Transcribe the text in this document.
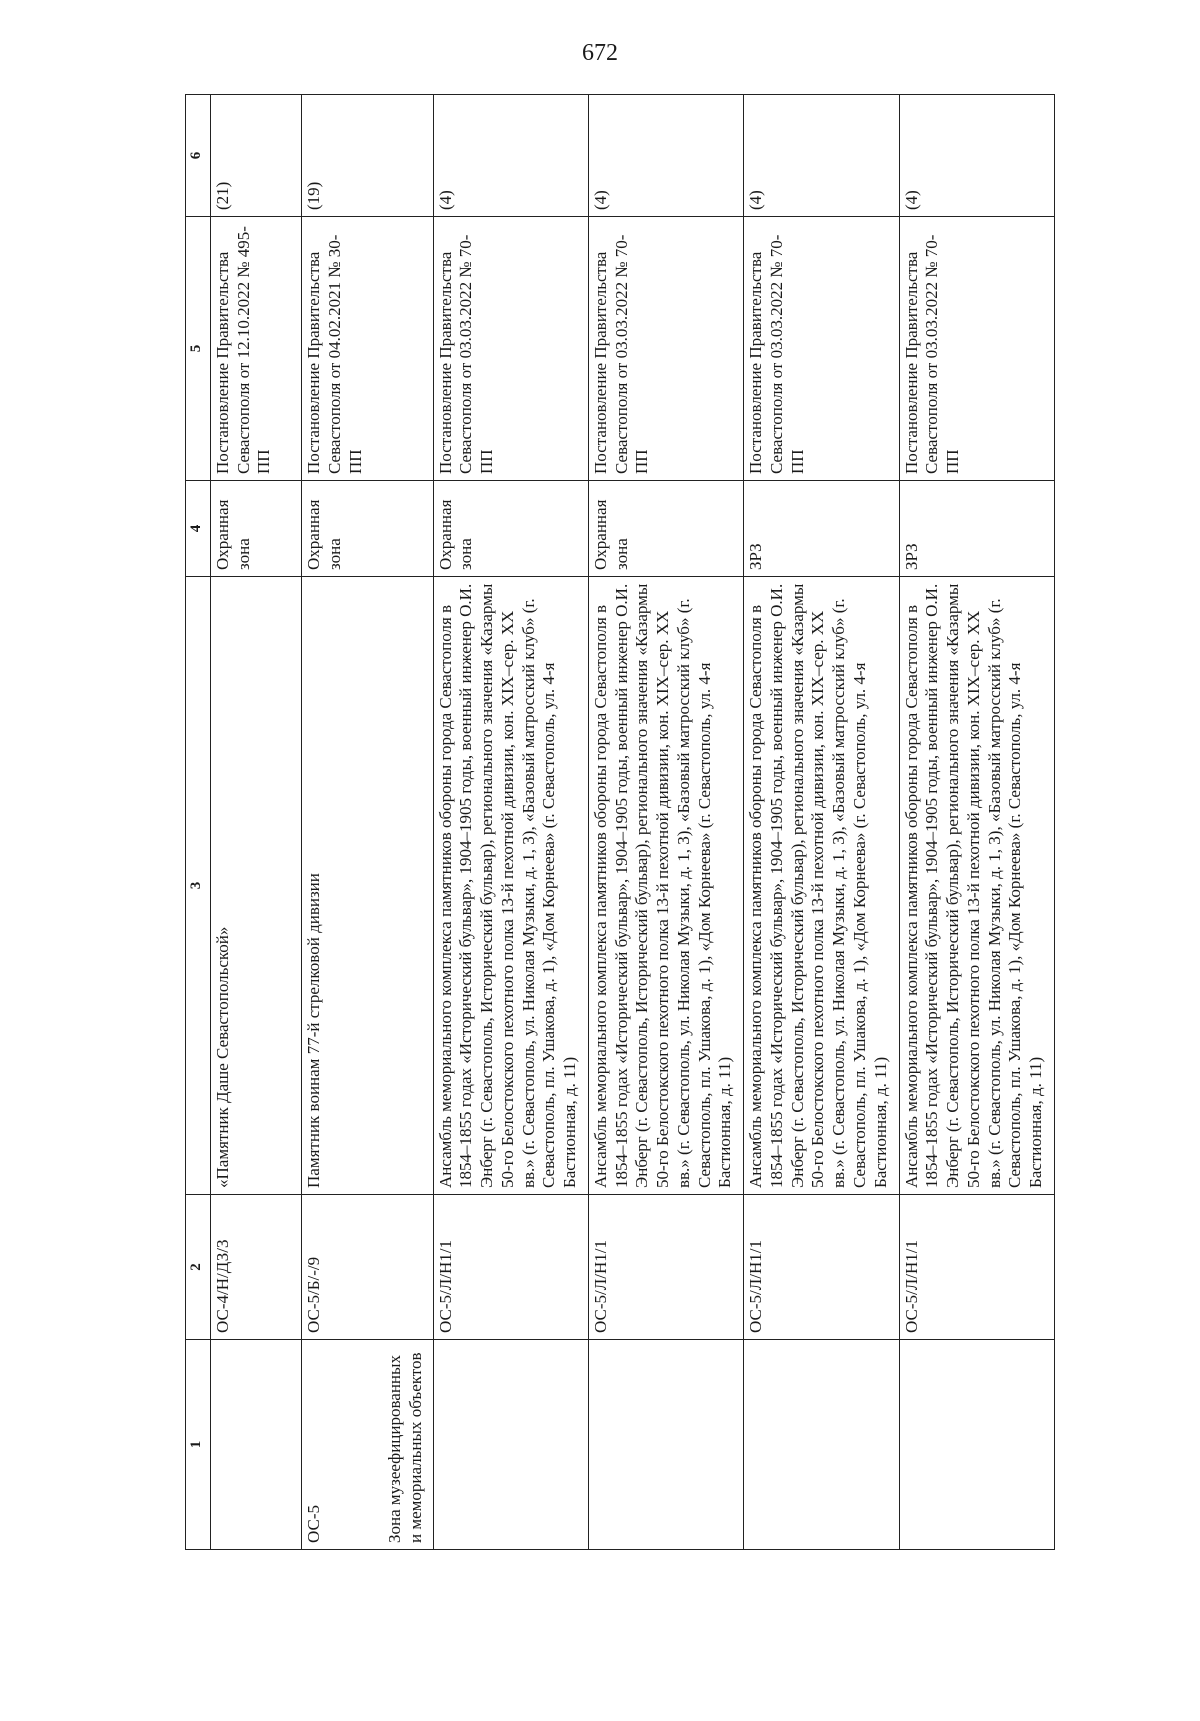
672
1	2	3	4	5	6

	ОС-4/Н/ДЗ/3	«Памятник Даше Севастопольской»	Охранная зона	Постановление Правительства Севастополя от 12.10.2022 № 495-ПП	(21)
ОС-5 Зона музеефицированных и мемориальных объектов	ОС-5/Б/-/9	Памятник воинам 77-й стрелковой дивизии	Охранная зона	Постановление Правительства Севастополя от 04.02.2021 № 30-ПП	(19)

	ОС-5/Л/Н1/1	Ансамбль мемориального комплекса памятников обороны города Севастополя в 1854–1855 годах «Исторический бульвар», 1904–1905 годы, военный инженер О.И. Энберг (г. Севастополь, Исторический бульвар), регионального значения «Казармы 50-го Белостокского пехотного полка 13-й пехотной дивизии, кон. XIX–сер. XX вв.» (г. Севастополь, ул. Николая Музыки, д. 1, 3), «Базовый матросский клуб» (г. Севастополь, пл. Ушакова, д. 1), «Дом Корнеева» (г. Севастополь, ул. 4-я Бастионная, д. 11)	Охранная зона	Постановление Правительства Севастополя от 03.03.2022 № 70-ПП	(4)

	ОС-5/Л/Н1/1	Ансамбль мемориального комплекса памятников обороны города Севастополя в 1854–1855 годах «Исторический бульвар», 1904–1905 годы, военный инженер О.И. Энберг (г. Севастополь, Исторический бульвар), регионального значения «Казармы 50-го Белостокского пехотного полка 13-й пехотной дивизии, кон. XIX–сер. XX вв.» (г. Севастополь, ул. Николая Музыки, д. 1, 3), «Базовый матросский клуб» (г. Севастополь, пл. Ушакова, д. 1), «Дом Корнеева» (г. Севастополь, ул. 4-я Бастионная, д. 11)	Охранная зона	Постановление Правительства Севастополя от 03.03.2022 № 70-ПП	(4)

	ОС-5/Л/Н1/1	Ансамбль мемориального комплекса памятников обороны города Севастополя в 1854–1855 годах «Исторический бульвар», 1904–1905 годы, военный инженер О.И. Энберг (г. Севастополь, Исторический бульвар), регионального значения «Казармы 50-го Белостокского пехотного полка 13-й пехотной дивизии, кон. XIX–сер. XX вв.» (г. Севастополь, ул. Николая Музыки, д. 1, 3), «Базовый матросский клуб» (г. Севастополь, пл. Ушакова, д. 1), «Дом Корнеева» (г. Севастополь, ул. 4-я Бастионная, д. 11)	ЗРЗ	Постановление Правительства Севастополя от 03.03.2022 № 70-ПП	(4)

	ОС-5/Л/Н1/1	Ансамбль мемориального комплекса памятников обороны города Севастополя в 1854–1855 годах «Исторический бульвар», 1904–1905 годы, военный инженер О.И. Энберг (г. Севастополь, Исторический бульвар), регионального значения «Казармы 50-го Белостокского пехотного полка 13-й пехотной дивизии, кон. XIX–сер. XX вв.» (г. Севастополь, ул. Николая Музыки, д. 1, 3), «Базовый матросский клуб» (г. Севастополь, пл. Ушакова, д. 1), «Дом Корнеева» (г. Севастополь, ул. 4-я Бастионная, д. 11)	ЗРЗ	Постановление Правительства Севастополя от 03.03.2022 № 70-ПП	(4)
